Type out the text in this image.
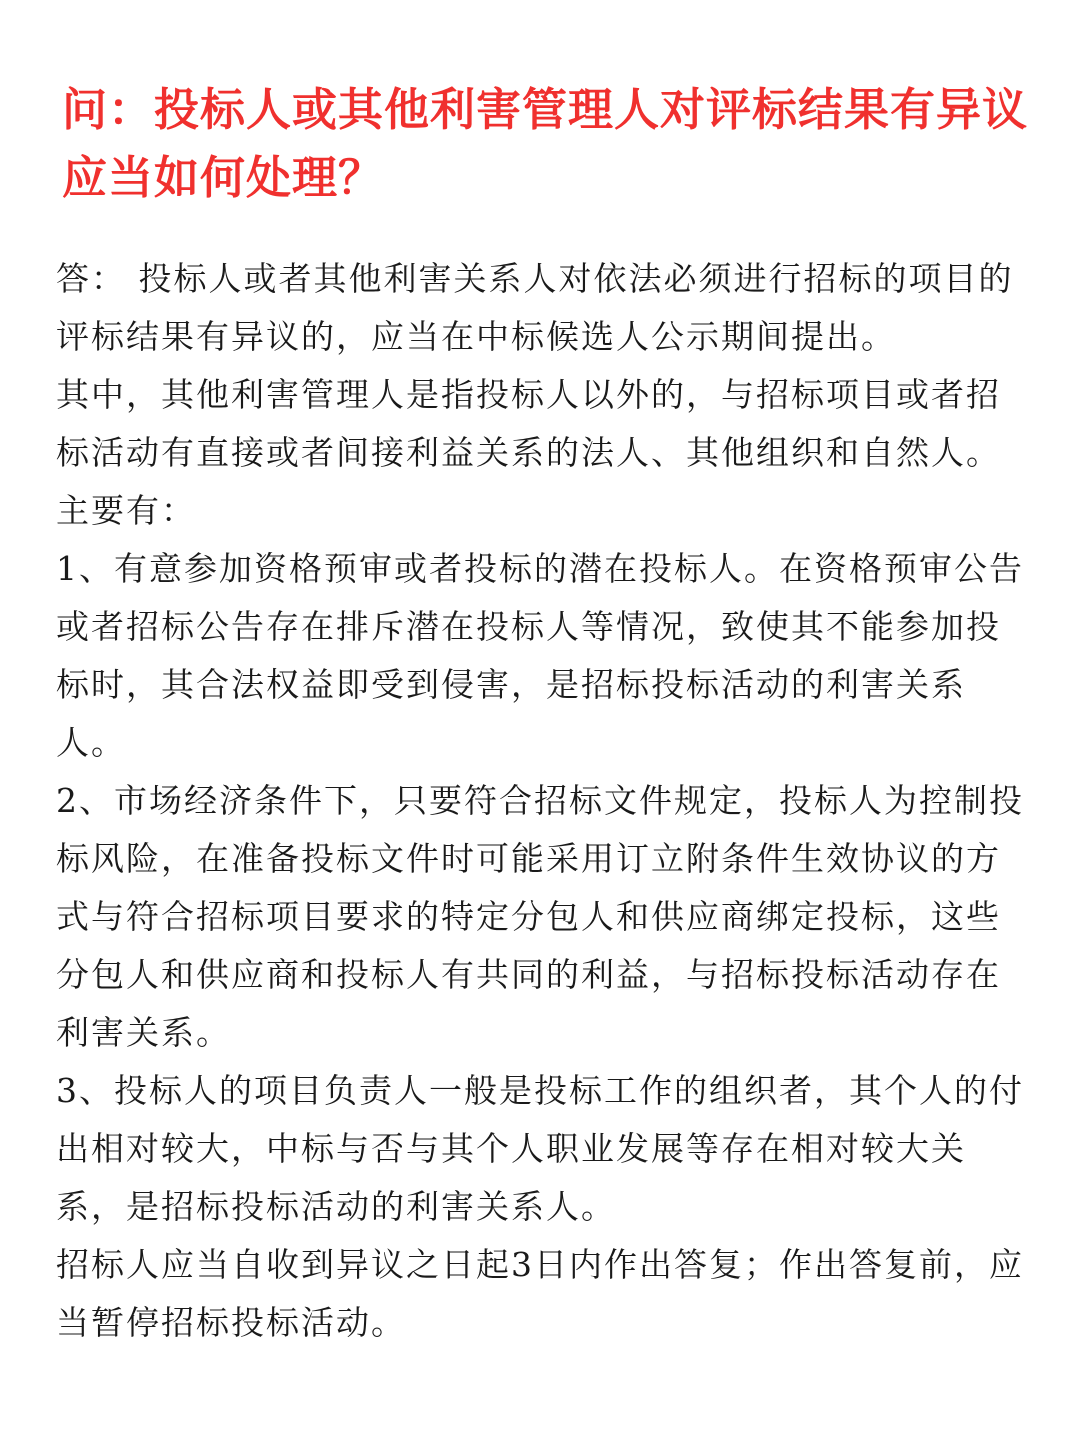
问：投标人或其他利害管理人对评标结果有异议应当如何处理？

答： 投标人或者其他利害关系人对依法必须进行招标的项目的评标结果有异议的，应当在中标候选人公示期间提出。

其中，其他利害管理人是指投标人以外的，与招标项目或者招标活动有直接或者间接利益关系的法人、其他组织和自然人。

主要有：

1、有意参加资格预审或者投标的潜在投标人。在资格预审公告或者招标公告存在排斥潜在投标人等情况，致使其不能参加投标时，其合法权益即受到侵害，是招标投标活动的利害关系人。

2、市场经济条件下，只要符合招标文件规定，投标人为控制投标风险，在准备投标文件时可能采用订立附条件生效协议的方式与符合招标项目要求的特定分包人和供应商绑定投标，这些分包人和供应商和投标人有共同的利益，与招标投标活动存在利害关系。

3、投标人的项目负责人一般是投标工作的组织者，其个人的付出相对较大，中标与否与其个人职业发展等存在相对较大关系，是招标投标活动的利害关系人。

招标人应当自收到异议之日起3日内作出答复；作出答复前，应当暂停招标投标活动。
